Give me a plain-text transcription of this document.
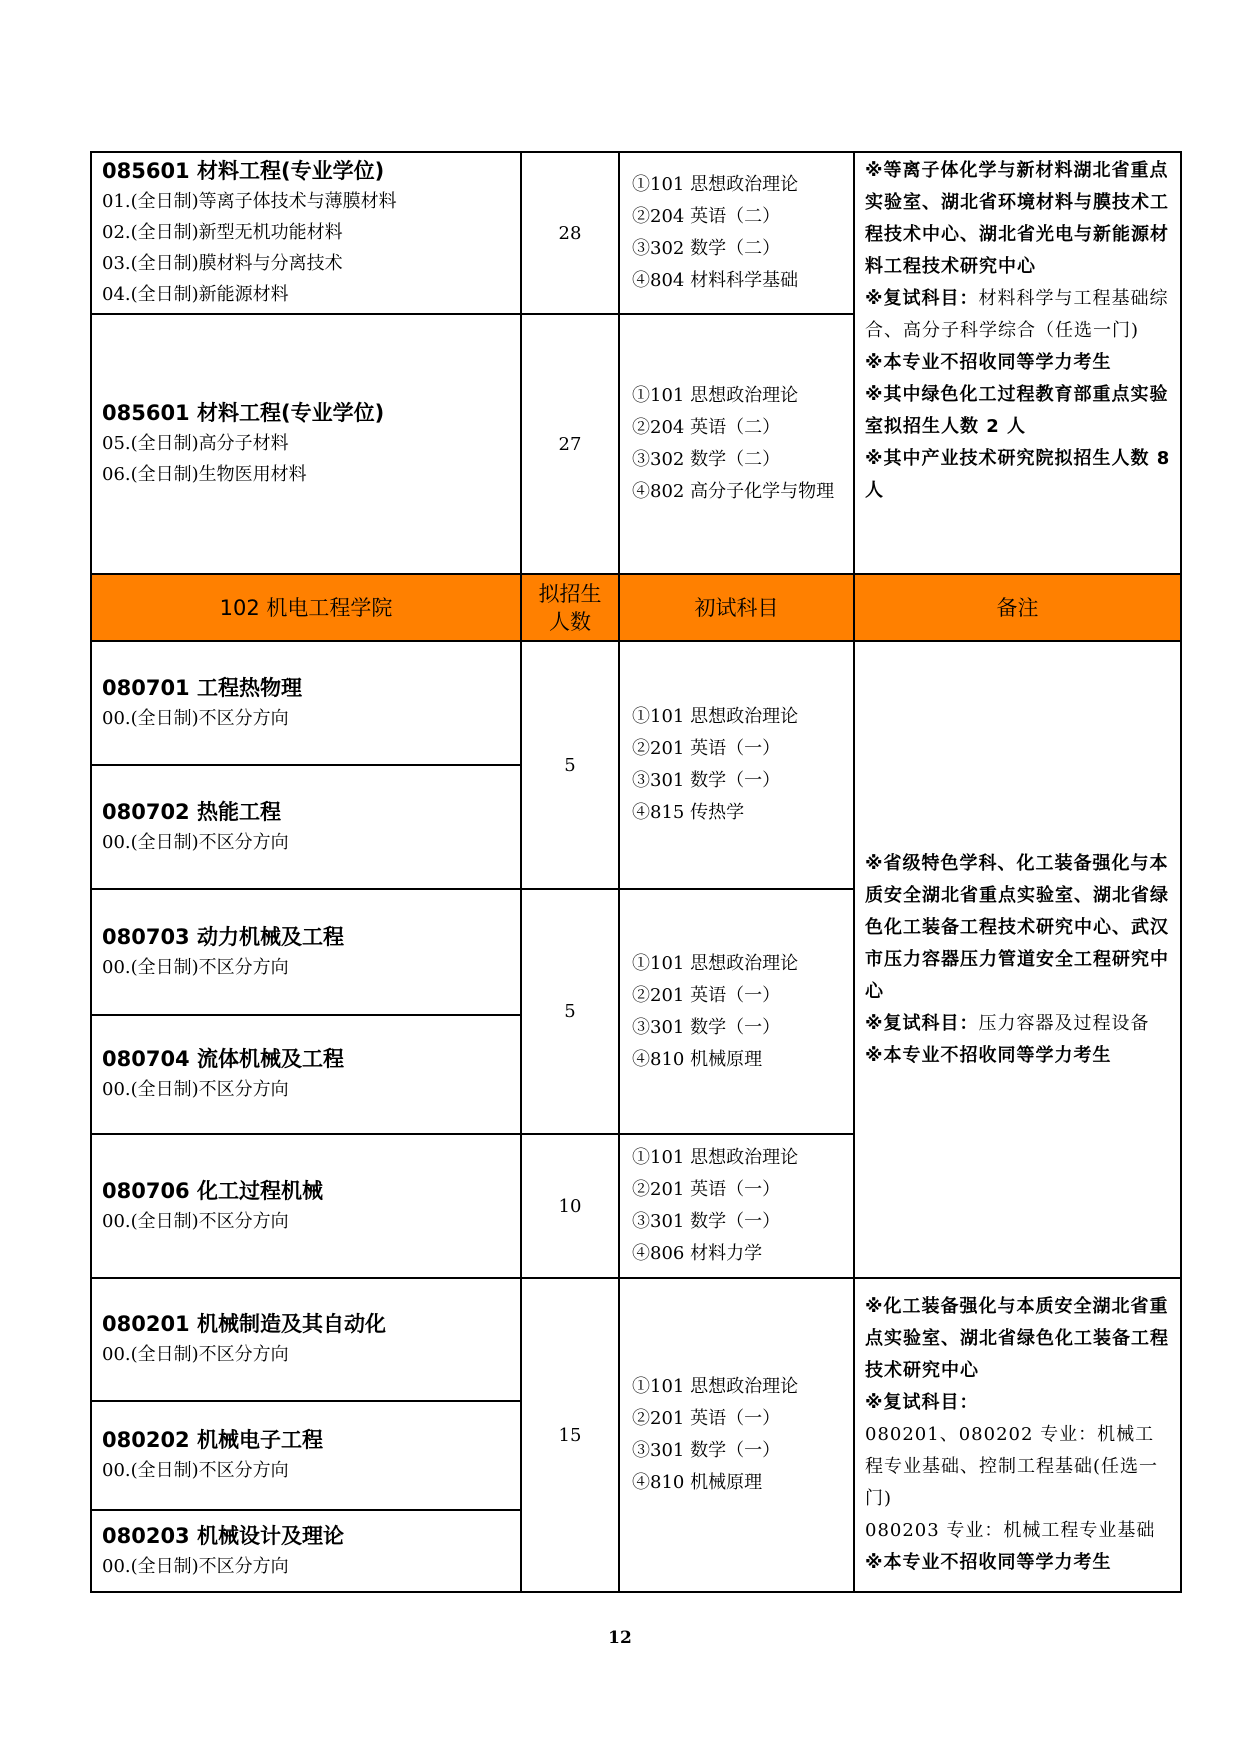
085601 材料工程(专业学位)
01.(全日制)等离子体技术与薄膜材料
02.(全日制)新型无机功能材料
03.(全日制)膜材料与分离技术
04.(全日制)新能源材料
28
①101 思想政治理论
②204 英语（二）
③302 数学（二）
④804 材料科学基础
085601 材料工程(专业学位)
05.(全日制)高分子材料
06.(全日制)生物医用材料
27
①101 思想政治理论
②204 英语（二）
③302 数学（二）
④802 高分子化学与物理
※等离子体化学与新材料湖北省重点实验室、湖北省环境材料与膜技术工程技术中心、湖北省光电与新能源材料工程技术研究中心
※复试科目：材料科学与工程基础综合、高分子科学综合（任选一门)
※本专业不招收同等学力考生
※其中绿色化工过程教育部重点实验室拟招生人数 2 人
※其中产业技术研究院拟招生人数 8 人
102 机电工程学院
拟招生人数
初试科目	备注
080701 工程热物理
00.(全日制)不区分方向
080702 热能工程
00.(全日制)不区分方向
080703 动力机械及工程
00.(全日制)不区分方向
080704 流体机械及工程
00.(全日制)不区分方向
080706 化工过程机械
00.(全日制)不区分方向
080201 机械制造及其自动化
00.(全日制)不区分方向
080202 机械电子工程
00.(全日制)不区分方向
080203 机械设计及理论
00.(全日制)不区分方向
5
①101 思想政治理论
②201 英语（一）
③301 数学（一）
④815 传热学
5
①101 思想政治理论
②201 英语（一）
③301 数学（一）
④810 机械原理
10
①101 思想政治理论
②201 英语（一）
③301 数学（一）
④806 材料力学
15
①101 思想政治理论
②201 英语（一）
③301 数学（一）
④810 机械原理
※省级特色学科、化工装备强化与本质安全湖北省重点实验室、湖北省绿色化工装备工程技术研究中心、武汉市压力容器压力管道安全工程研究中心
※复试科目：压力容器及过程设备
※本专业不招收同等学力考生
※化工装备强化与本质安全湖北省重点实验室、湖北省绿色化工装备工程技术研究中心
※复试科目：
080201、080202 专业：机械工程专业基础、控制工程基础(任选一门)
080203 专业：机械工程专业基础
※本专业不招收同等学力考生
12
